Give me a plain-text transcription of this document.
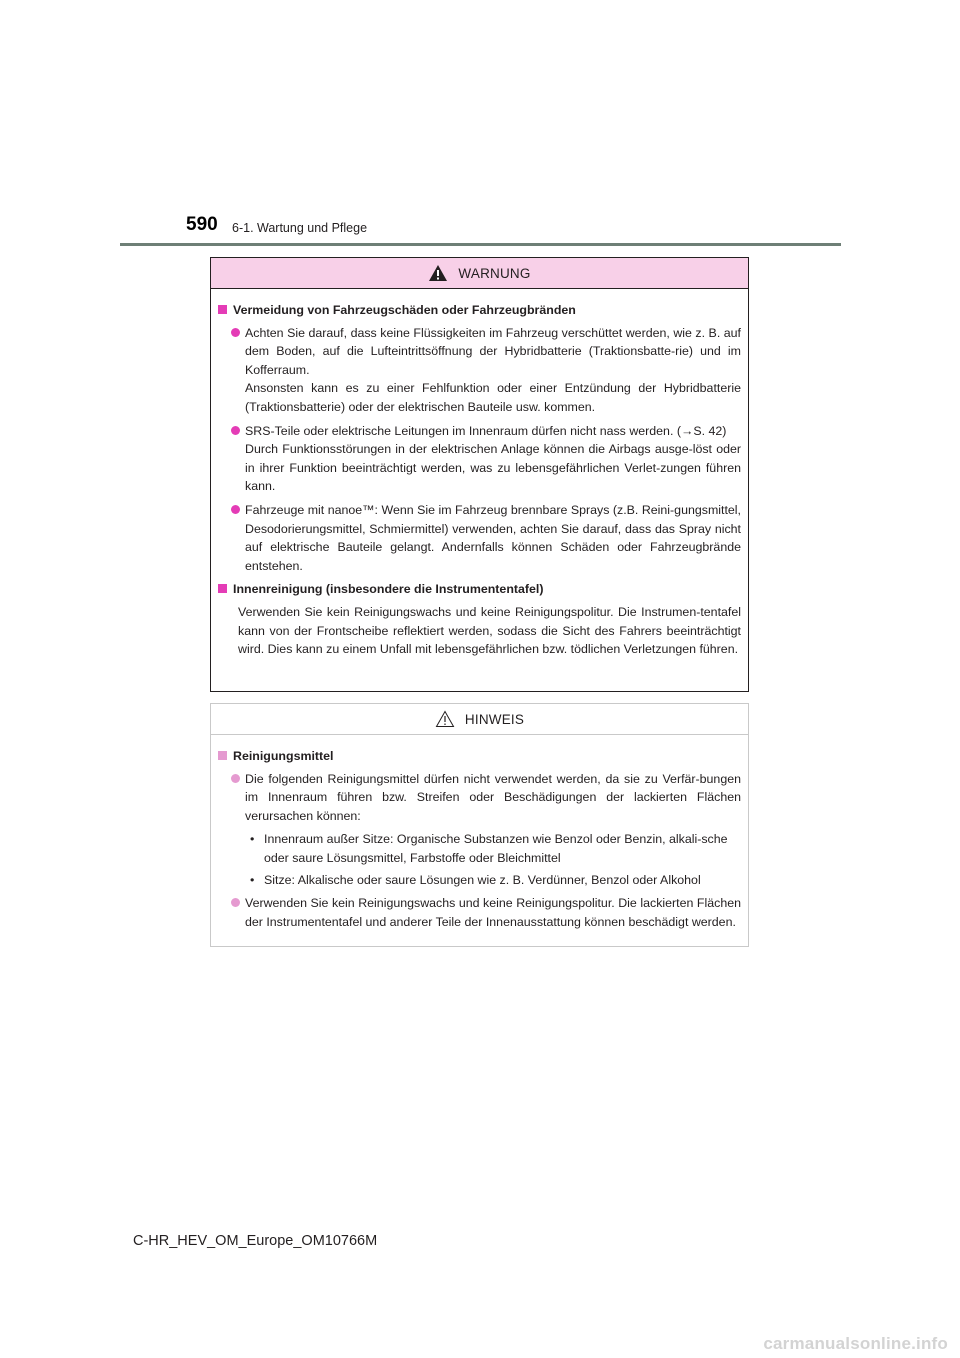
590 6-1. Wartung und Pflege
WARNUNG
Vermeidung von Fahrzeugschäden oder Fahrzeugbränden
Achten Sie darauf, dass keine Flüssigkeiten im Fahrzeug verschüttet werden, wie z. B. auf dem Boden, auf die Lufteintrittsöffnung der Hybridbatterie (Traktionsbatte-rie) und im Kofferraum.
Ansonsten kann es zu einer Fehlfunktion oder einer Entzündung der Hybridbatterie (Traktionsbatterie) oder der elektrischen Bauteile usw. kommen.
SRS-Teile oder elektrische Leitungen im Innenraum dürfen nicht nass werden. (→S. 42)
Durch Funktionsstörungen in der elektrischen Anlage können die Airbags ausge-löst oder in ihrer Funktion beeinträchtigt werden, was zu lebensgefährlichen Verlet-zungen führen kann.
Fahrzeuge mit nanoe™: Wenn Sie im Fahrzeug brennbare Sprays (z.B. Reini-gungsmittel, Desodorierungsmittel, Schmiermittel) verwenden, achten Sie darauf, dass das Spray nicht auf elektrische Bauteile gelangt. Andernfalls können Schäden oder Fahrzeugbrände entstehen.
Innenreinigung (insbesondere die Instrumententafel)
Verwenden Sie kein Reinigungswachs und keine Reinigungspolitur. Die Instrumen-tentafel kann von der Frontscheibe reflektiert werden, sodass die Sicht des Fahrers beeinträchtigt wird. Dies kann zu einem Unfall mit lebensgefährlichen bzw. tödlichen Verletzungen führen.
HINWEIS
Reinigungsmittel
Die folgenden Reinigungsmittel dürfen nicht verwendet werden, da sie zu Verfär-bungen im Innenraum führen bzw. Streifen oder Beschädigungen der lackierten Flächen verursachen können:
• Innenraum außer Sitze: Organische Substanzen wie Benzol oder Benzin, alkali-sche oder saure Lösungsmittel, Farbstoffe oder Bleichmittel
• Sitze: Alkalische oder saure Lösungen wie z. B. Verdünner, Benzol oder Alkohol
Verwenden Sie kein Reinigungswachs und keine Reinigungspolitur. Die lackierten Flächen der Instrumententafel und anderer Teile der Innenausstattung können beschädigt werden.
C-HR_HEV_OM_Europe_OM10766M
carmanualsonline.info
